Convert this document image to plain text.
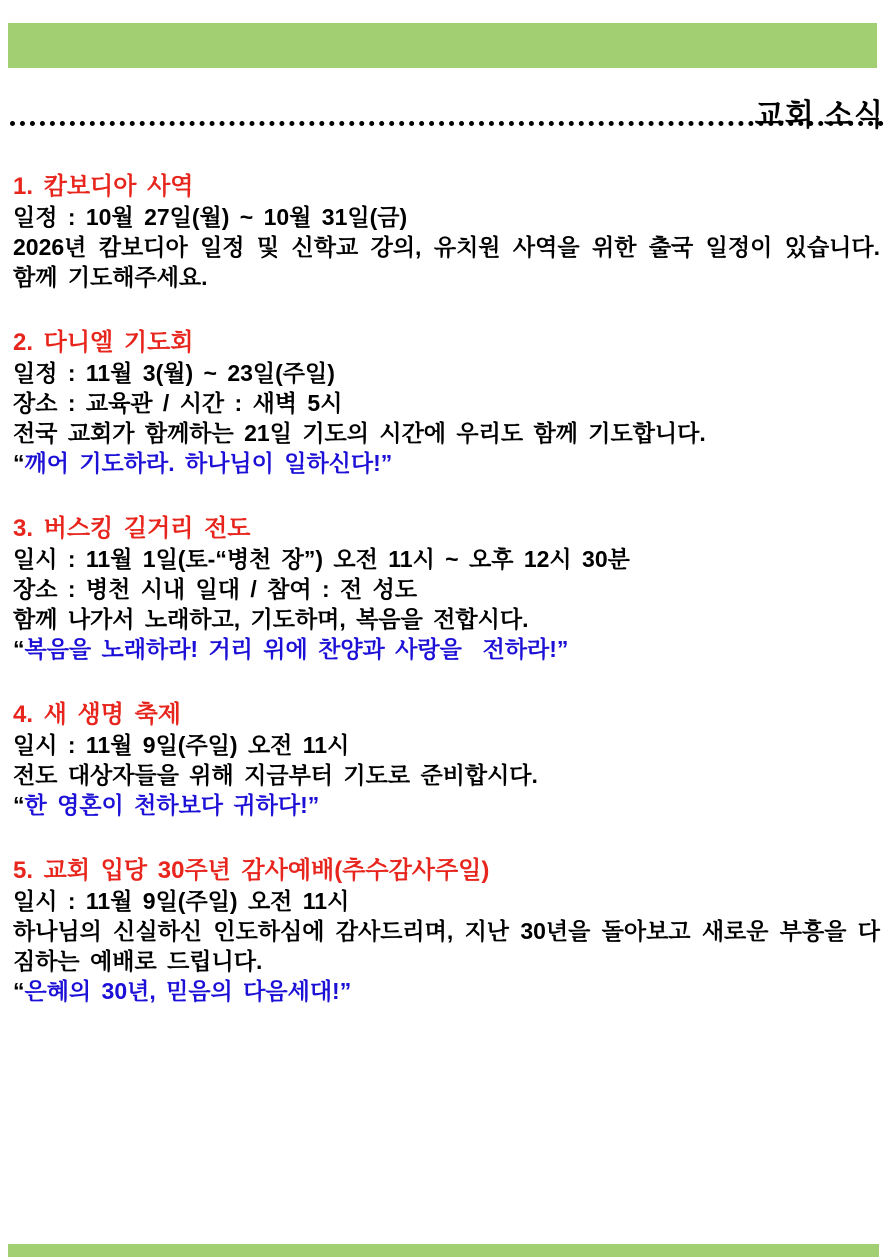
교회 소식
1. 캄보디아 사역

일정 : 10월 27일(월) ~ 10월 31일(금)

2026년 캄보디아 일정 및 신학교 강의, 유치원 사역을 위한 출국 일정이 있습니다. 함께 기도해주세요.

2. 다니엘 기도회

일정 : 11월 3(월) ~ 23일(주일)

장소 : 교육관 / 시간 : 새벽 5시

전국 교회가 함께하는 21일 기도의 시간에 우리도 함께 기도합니다.

“깨어 기도하라. 하나님이 일하신다!”

3. 버스킹 길거리 전도

일시 : 11월 1일(토-“병천 장”) 오전 11시 ~ 오후 12시 30분

장소 : 병천 시내 일대 / 참여 : 전 성도

함께 나가서 노래하고, 기도하며, 복음을 전합시다.

“복음을 노래하라! 거리 위에 찬양과 사랑을  전하라!”

4. 새 생명 축제

일시 : 11월 9일(주일) 오전 11시

전도 대상자들을 위해 지금부터 기도로 준비합시다.

“한 영혼이 천하보다 귀하다!”

5. 교회 입당 30주년 감사예배(추수감사주일)

일시 : 11월 9일(주일) 오전 11시

하나님의 신실하신 인도하심에 감사드리며, 지난 30년을 돌아보고 새로운 부흥을 다짐하는 예배로 드립니다.

“은혜의 30년, 믿음의 다음세대!”
